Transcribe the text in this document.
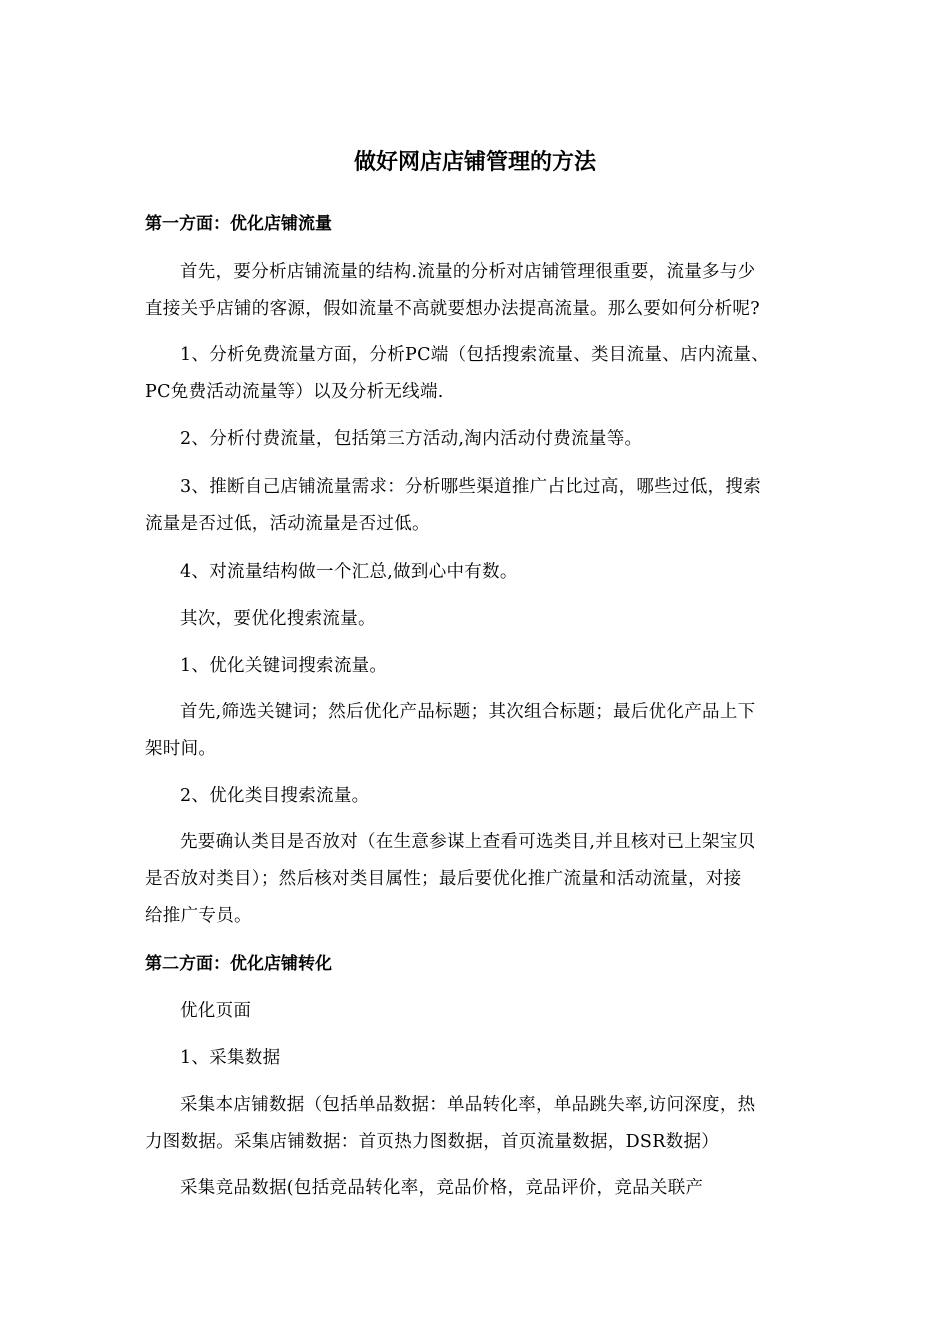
做好网店店铺管理的方法
第一方面：优化店铺流量
首先，要分析店铺流量的结构.流量的分析对店铺管理很重要，流量多与少
直接关乎店铺的客源，假如流量不高就要想办法提高流量。那么要如何分析呢?
1、分析免费流量方面，分析PC端（包括搜索流量、类目流量、店内流量、
PC免费活动流量等）以及分析无线端.
2、分析付费流量，包括第三方活动,淘内活动付费流量等。
3、推断自己店铺流量需求：分析哪些渠道推广占比过高，哪些过低，搜索
流量是否过低，活动流量是否过低。
4、对流量结构做一个汇总,做到心中有数。
其次，要优化搜索流量。
1、优化关键词搜索流量。
首先,筛选关键词；然后优化产品标题；其次组合标题；最后优化产品上下
架时间。
2、优化类目搜索流量。
先要确认类目是否放对（在生意参谋上查看可选类目,并且核对已上架宝贝
是否放对类目）；然后核对类目属性；最后要优化推广流量和活动流量，对接
给推广专员。
第二方面：优化店铺转化
优化页面
1、采集数据
采集本店铺数据（包括单品数据：单品转化率，单品跳失率,访问深度，热
力图数据。采集店铺数据：首页热力图数据，首页流量数据，DSR数据）
采集竞品数据(包括竞品转化率，竞品价格，竞品评价，竞品关联产
